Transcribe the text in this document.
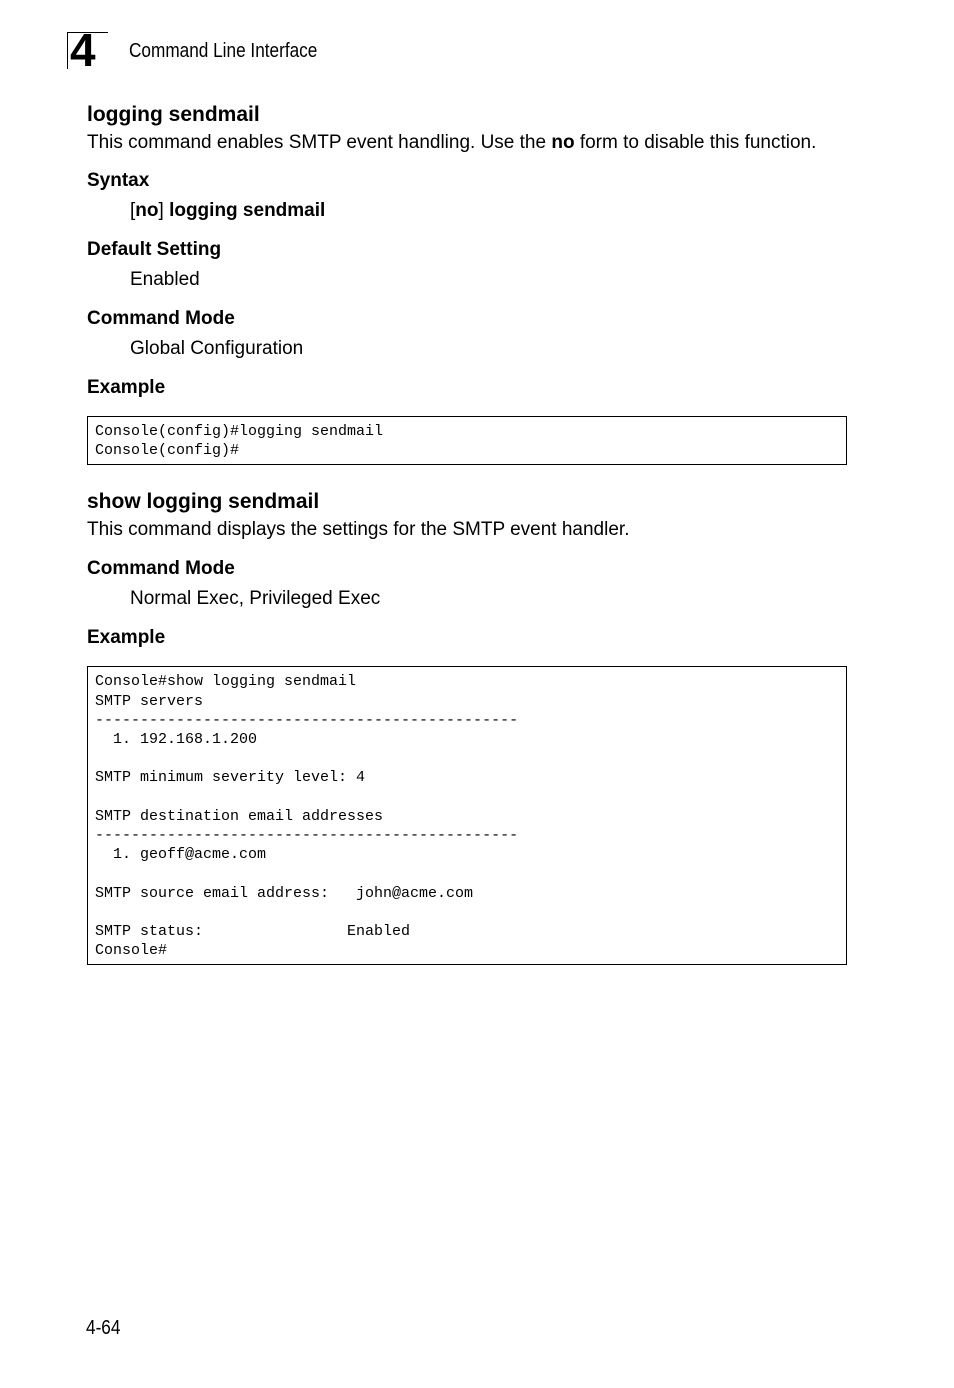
4 Command Line Interface
logging sendmail

This command enables SMTP event handling. Use the no form to disable this function.

Syntax
[no] logging sendmail
Default Setting
Enabled
Command Mode
Global Configuration
Example
Console(config)#logging sendmail
Console(config)#
show logging sendmail

This command displays the settings for the SMTP event handler.

Command Mode
Normal Exec, Privileged Exec
Example
Console#show logging sendmail
SMTP servers
-----------------------------------------------
1. 192.168.1.200

SMTP minimum severity level: 4

SMTP destination email addresses
-----------------------------------------------
1. geoff@acme.com

SMTP source email address:   john@acme.com

SMTP status:                Enabled
Console#
4-64
